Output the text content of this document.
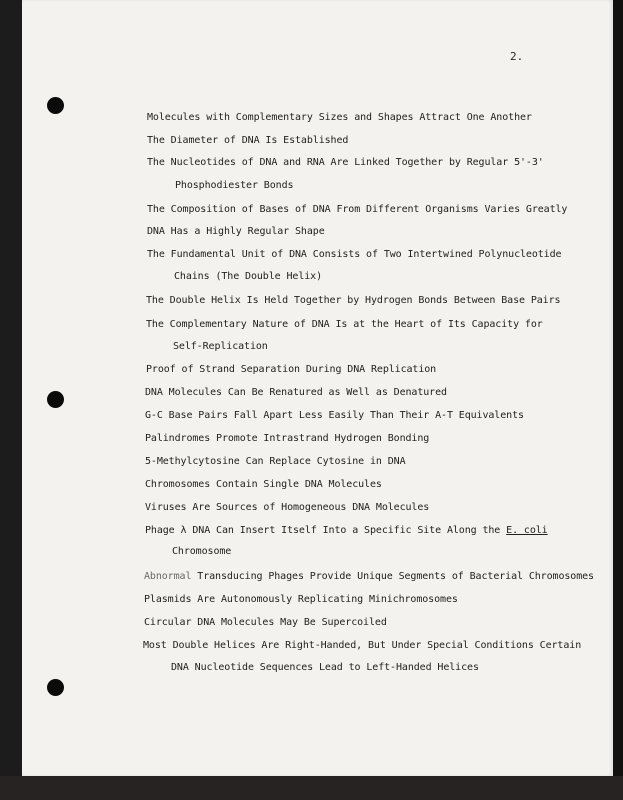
2.
Molecules with Complementary Sizes and Shapes Attract One Another
The Diameter of DNA Is Established
The Nucleotides of DNA and RNA Are Linked Together by Regular 5'-3'
Phosphodiester Bonds
The Composition of Bases of DNA From Different Organisms Varies Greatly
DNA Has a Highly Regular Shape
The Fundamental Unit of DNA Consists of Two Intertwined Polynucleotide
Chains (The Double Helix)
The Double Helix Is Held Together by Hydrogen Bonds Between Base Pairs
The Complementary Nature of DNA Is at the Heart of Its Capacity for
Self-Replication
Proof of Strand Separation During DNA Replication
DNA Molecules Can Be Renatured as Well as Denatured
G-C Base Pairs Fall Apart Less Easily Than Their A-T Equivalents
Palindromes Promote Intrastrand Hydrogen Bonding
5-Methylcytosine Can Replace Cytosine in DNA
Chromosomes Contain Single DNA Molecules
Viruses Are Sources of Homogeneous DNA Molecules
Phage λ DNA Can Insert Itself Into a Specific Site Along the E. coli
Chromosome
Abnormal Transducing Phages Provide Unique Segments of Bacterial Chromosomes
Plasmids Are Autonomously Replicating Minichromosomes
Circular DNA Molecules May Be Supercoiled
Most Double Helices Are Right-Handed, But Under Special Conditions Certain
DNA Nucleotide Sequences Lead to Left-Handed Helices
